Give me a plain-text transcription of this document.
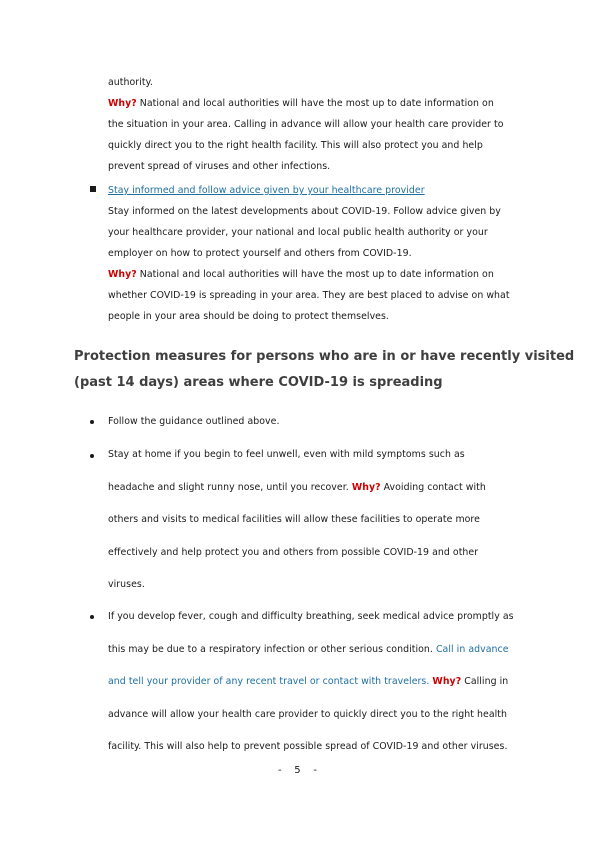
authority.
Why? National and local authorities will have the most up to date information on
the situation in your area. Calling in advance will allow your health care provider to
quickly direct you to the right health facility. This will also protect you and help
prevent spread of viruses and other infections.
Stay informed and follow advice given by your healthcare provider
Stay informed on the latest developments about COVID-19. Follow advice given by
your healthcare provider, your national and local public health authority or your
employer on how to protect yourself and others from COVID-19.
Why? National and local authorities will have the most up to date information on
whether COVID-19 is spreading in your area. They are best placed to advise on what
people in your area should be doing to protect themselves.
Protection measures for persons who are in or have recently visited
(past 14 days) areas where COVID-19 is spreading
Follow the guidance outlined above.
Stay at home if you begin to feel unwell, even with mild symptoms such as
headache and slight runny nose, until you recover. Why? Avoiding contact with
others and visits to medical facilities will allow these facilities to operate more
effectively and help protect you and others from possible COVID-19 and other
viruses.
If you develop fever, cough and difficulty breathing, seek medical advice promptly as
this may be due to a respiratory infection or other serious condition. Call in advance
and tell your provider of any recent travel or contact with travelers. Why? Calling in
advance will allow your health care provider to quickly direct you to the right health
facility. This will also help to prevent possible spread of COVID-19 and other viruses.
-    5    -
